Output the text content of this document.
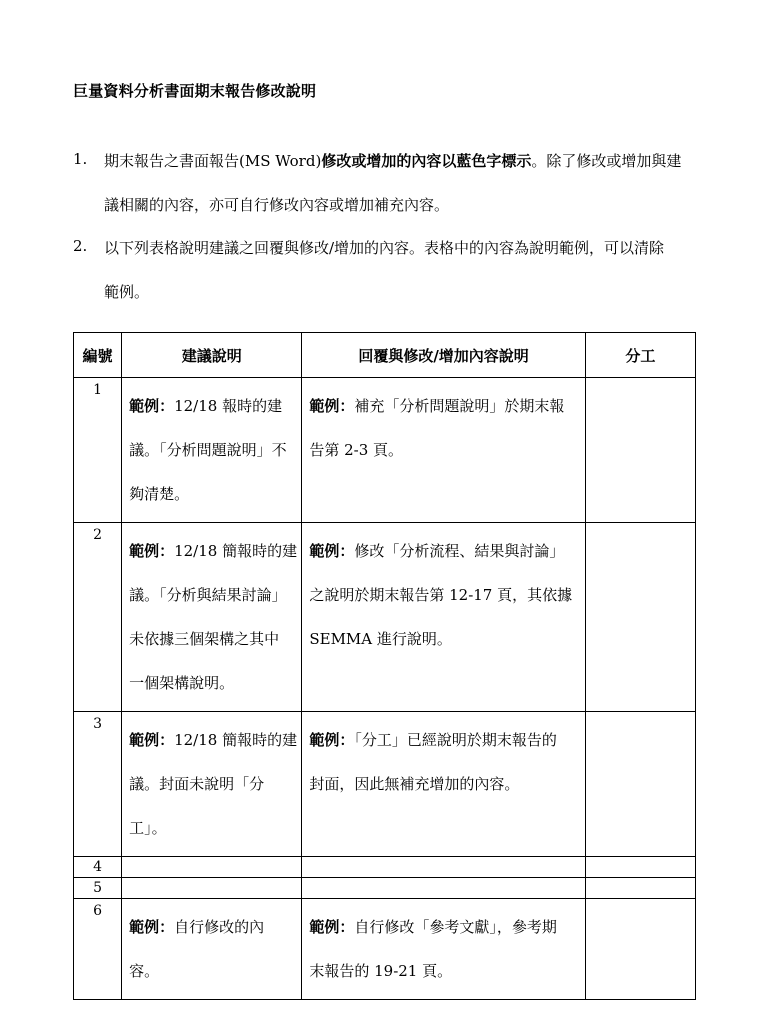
巨量資料分析書面期末報告修改說明
1. 期末報告之書面報告(MS Word)修改或增加的內容以藍色字標示。除了修改或增加與建
議相關的內容，亦可自行修改內容或增加補充內容。
2. 以下列表格說明建議之回覆與修改/增加的內容。表格中的內容為說明範例，可以清除
範例。
編號	建議說明	回覆與修改/增加內容說明	分工

1	範例：12/18 報時的建
議。「分析問題說明」不
夠清楚。	範例：補充「分析問題說明」於期末報
告第 2-3 頁。	

2	範例：12/18 簡報時的建
議。「分析與結果討論」
未依據三個架構之其中
一個架構說明。	範例：修改「分析流程、結果與討論」
之說明於期末報告第 12-17 頁，其依據
SEMMA 進行說明。	

3	範例：12/18 簡報時的建
議。封面未說明「分
工」。	範例：「分工」已經說明於期末報告的
封面，因此無補充增加的內容。	

4			

5			

6	範例：自行修改的內
容。	範例：自行修改「參考文獻」，參考期
末報告的 19-21 頁。	
